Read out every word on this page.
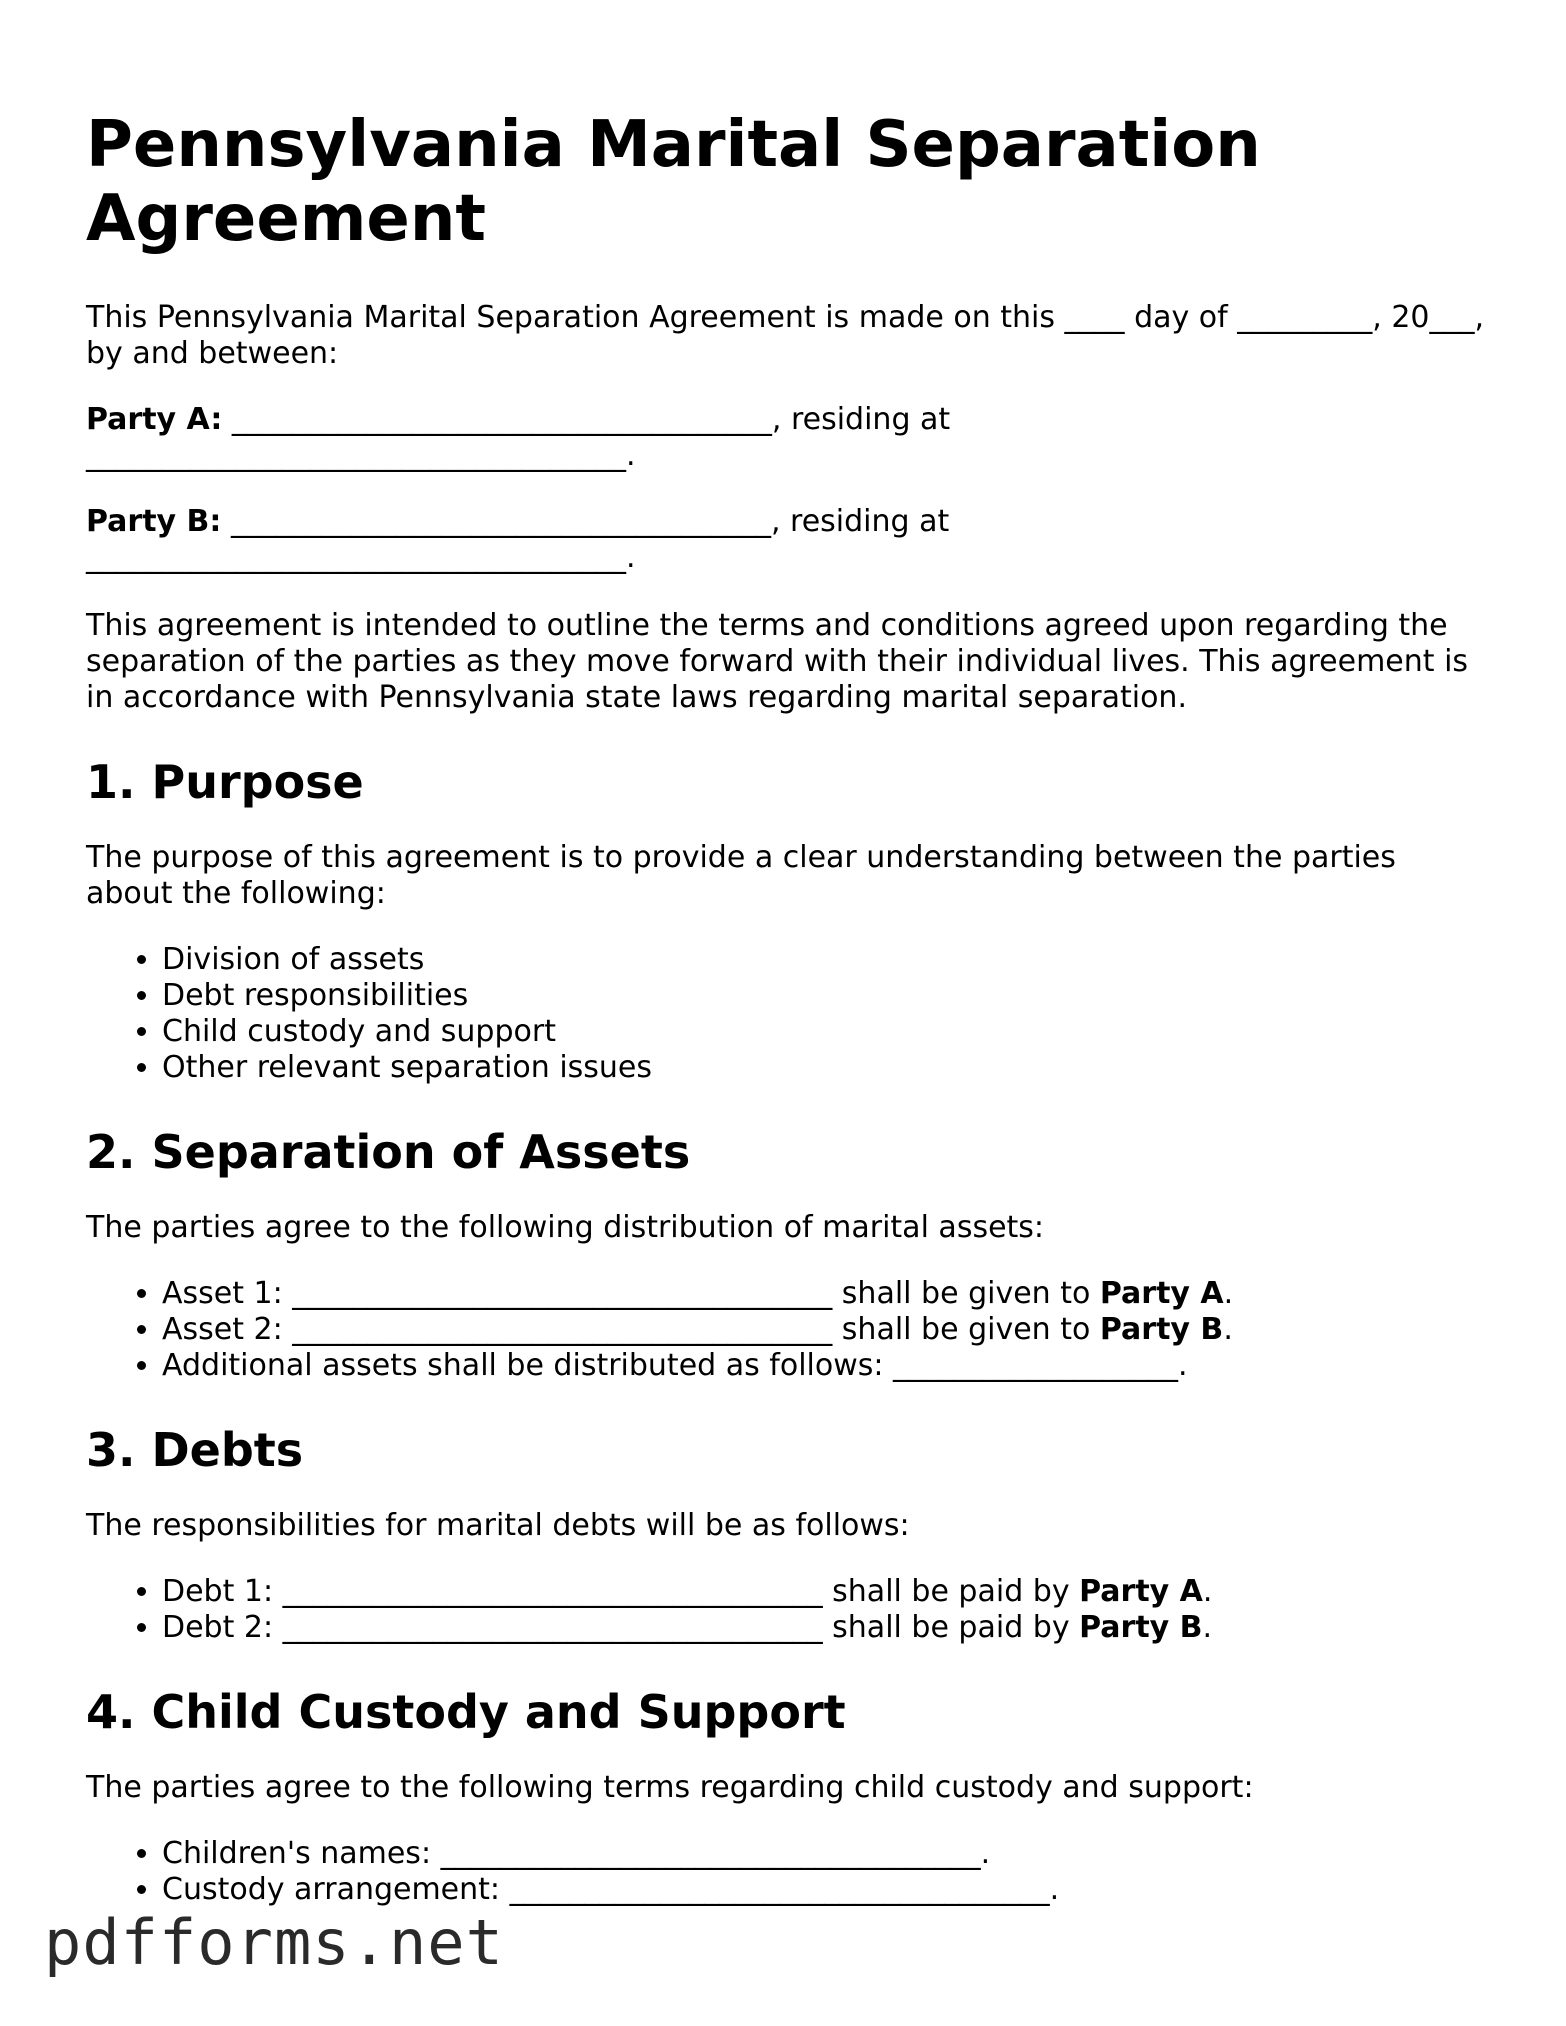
Pennsylvania Marital Separation Agreement

This Pennsylvania Marital Separation Agreement is made on this ____ day of _________, 20___, by and between:

Party A: ____________________________________, residing at ____________________________________.

Party B: ____________________________________, residing at ____________________________________.

This agreement is intended to outline the terms and conditions agreed upon regarding the separation of the parties as they move forward with their individual lives. This agreement is in accordance with Pennsylvania state laws regarding marital separation.

1. Purpose

The purpose of this agreement is to provide a clear understanding between the parties about the following:

• Division of assets
• Debt responsibilities
• Child custody and support
• Other relevant separation issues
2. Separation of Assets

The parties agree to the following distribution of marital assets:

• Asset 1: ____________________________________ shall be given to Party A.
• Asset 2: ____________________________________ shall be given to Party B.
• Additional assets shall be distributed as follows: ___________________.
3. Debts

The responsibilities for marital debts will be as follows:

• Debt 1: ____________________________________ shall be paid by Party A.
• Debt 2: ____________________________________ shall be paid by Party B.
4. Child Custody and Support

The parties agree to the following terms regarding child custody and support:

• Children's names: ____________________________________.
• Custody arrangement: ____________________________________.
pdfforms.net
